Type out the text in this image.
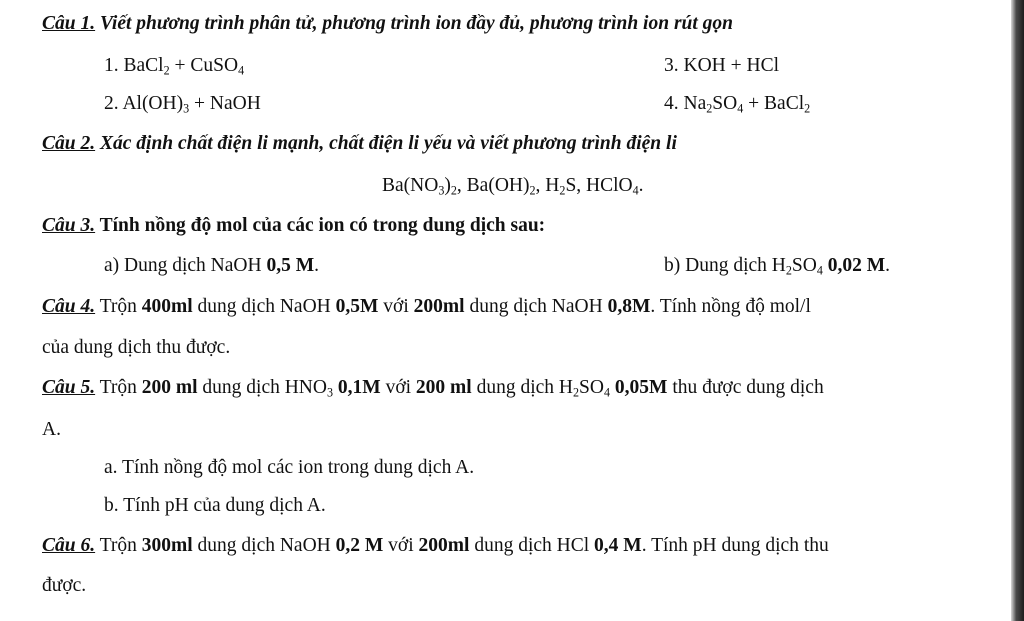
Câu 1. Viết phương trình phân tử, phương trình ion đầy đủ, phương trình ion rút gọn
1. BaCl$_2$ + CuSO$_4$	3. KOH + HCl
2. $Al(OH)_3$ + NaOH	4. $Na_2SO_4$ + BaCl$_2$
Câu 2. Xác định chất điện li mạnh, chất điện li yếu và viết phương trình điện li
$Ba(NO_3)_2$, $Ba(OH)_2$, $H_2S$, HClO$_4$.
Câu 3. Tính nồng độ mol của các ion có trong dung dịch sau:
a) Dung dịch NaOH 0,5 M.	b) Dung dịch $H_2SO_4$ 0,02 M.
Câu 4. Trộn 400ml dung dịch NaOH 0,5M với 200ml dung dịch NaOH 0,8M. Tính nồng độ mol/l
của dung dịch thu được.
Câu 5. Trộn 200 ml dung dịch $HNO_3$ 0,1M với 200 ml dung dịch $H_2SO_4$ 0,05M thu được dung dịch
A.
a. Tính nồng độ mol các ion trong dung dịch A.
b. Tính pH của dung dịch A.
Câu 6. Trộn 300ml dung dịch NaOH 0,2 M với 200ml dung dịch HCl 0,4 M. Tính pH dung dịch thu
được.
